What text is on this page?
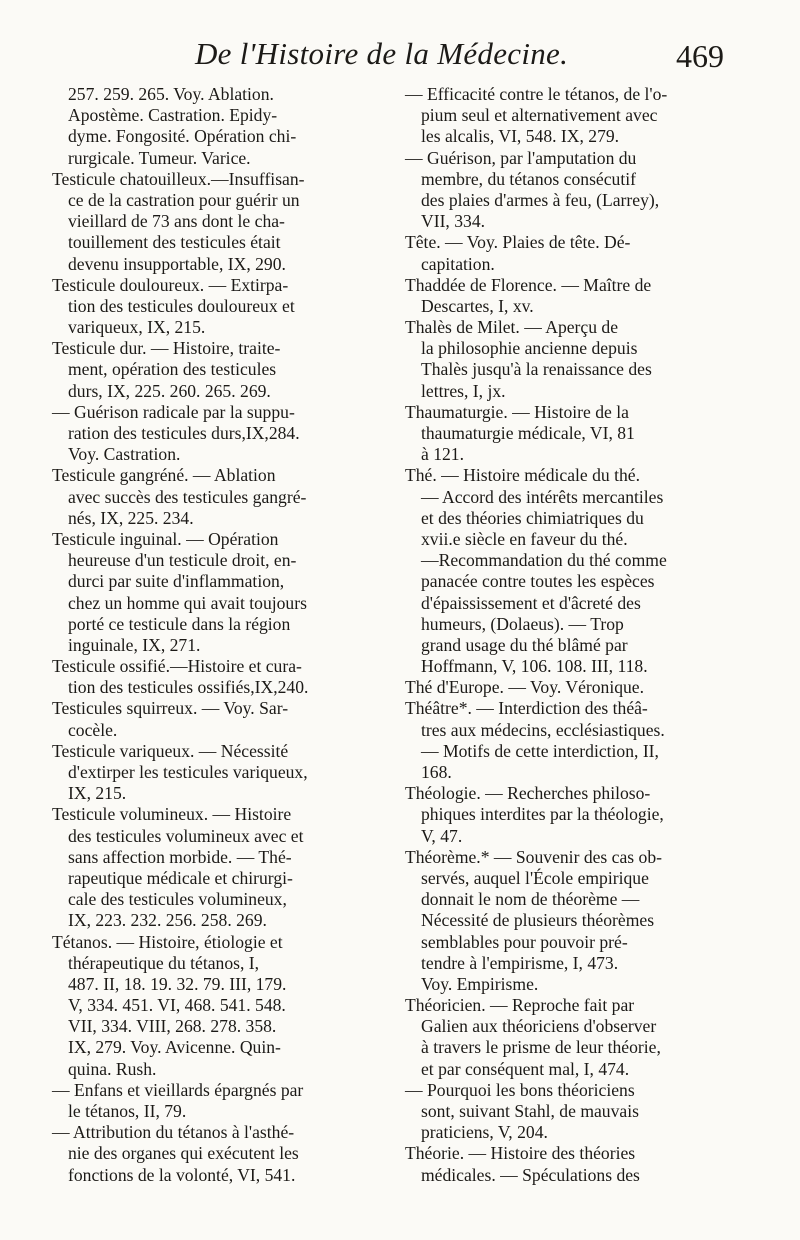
De l'Histoire de la Médecine.	469
257. 259. 265. Voy. Ablation.
Apostème. Castration. Epidy-
dyme. Fongosité. Opération chi-
rurgicale. Tumeur. Varice.
Testicule chatouilleux.—Insuffisan-
ce de la castration pour guérir un
vieillard de 73 ans dont le cha-
touillement des testicules était
devenu insupportable, IX, 290.
Testicule douloureux. — Extirpa-
tion des testicules douloureux et
variqueux, IX, 215.
Testicule dur. — Histoire, traite-
ment, opération des testicules
durs, IX, 225. 260. 265. 269.
— Guérison radicale par la suppu-
ration des testicules durs,IX,284.
Voy. Castration.
Testicule gangréné. — Ablation
avec succès des testicules gangré-
nés, IX, 225. 234.
Testicule inguinal. — Opération
heureuse d'un testicule droit, en-
durci par suite d'inflammation,
chez un homme qui avait toujours
porté ce testicule dans la région
inguinale, IX, 271.
Testicule ossifié.—Histoire et cura-
tion des testicules ossifiés,IX,240.
Testicules squirreux. — Voy. Sar-
cocèle.
Testicule variqueux. — Nécessité
d'extirper les testicules variqueux,
IX, 215.
Testicule volumineux. — Histoire
des testicules volumineux avec et
sans affection morbide. — Thé-
rapeutique médicale et chirurgi-
cale des testicules volumineux,
IX, 223. 232. 256. 258. 269.
Tétanos. — Histoire, étiologie et
thérapeutique du tétanos, I,
487. II, 18. 19. 32. 79. III, 179.
V, 334. 451. VI, 468. 541. 548.
VII, 334. VIII, 268. 278. 358.
IX, 279. Voy. Avicenne. Quin-
quina. Rush.
— Enfans et vieillards épargnés par
le tétanos, II, 79.
— Attribution du tétanos à l'asthé-
nie des organes qui exécutent les
fonctions de la volonté, VI, 541.
— Efficacité contre le tétanos, de l'o-
pium seul et alternativement avec
les alcalis, VI, 548. IX, 279.
— Guérison, par l'amputation du
membre, du tétanos consécutif
des plaies d'armes à feu, (Larrey),
VII, 334.
Tête. — Voy. Plaies de tête. Dé-
capitation.
Thaddée de Florence. — Maître de
Descartes, I, xv.
Thalès de Milet. — Aperçu de
la philosophie ancienne depuis
Thalès jusqu'à la renaissance des
lettres, I, jx.
Thaumaturgie. — Histoire de la
thaumaturgie médicale, VI, 81
à 121.
Thé. — Histoire médicale du thé.
— Accord des intérêts mercantiles
et des théories chimiatriques du
xvii.e siècle en faveur du thé.
—Recommandation du thé comme
panacée contre toutes les espèces
d'épaississement et d'âcreté des
humeurs, (Dolaeus). — Trop
grand usage du thé blâmé par
Hoffmann, V, 106. 108. III, 118.
Thé d'Europe. — Voy. Véronique.
Théâtre*. — Interdiction des théâ-
tres aux médecins, ecclésiastiques.
— Motifs de cette interdiction, II,
168.
Théologie. — Recherches philoso-
phiques interdites par la théologie,
V, 47.
Théorème.* — Souvenir des cas ob-
servés, auquel l'École empirique
donnait le nom de théorème —
Nécessité de plusieurs théorèmes
semblables pour pouvoir pré-
tendre à l'empirisme, I, 473.
Voy. Empirisme.
Théoricien. — Reproche fait par
Galien aux théoriciens d'observer
à travers le prisme de leur théorie,
et par conséquent mal, I, 474.
— Pourquoi les bons théoriciens
sont, suivant Stahl, de mauvais
praticiens, V, 204.
Théorie. — Histoire des théories
médicales. — Spéculations des
